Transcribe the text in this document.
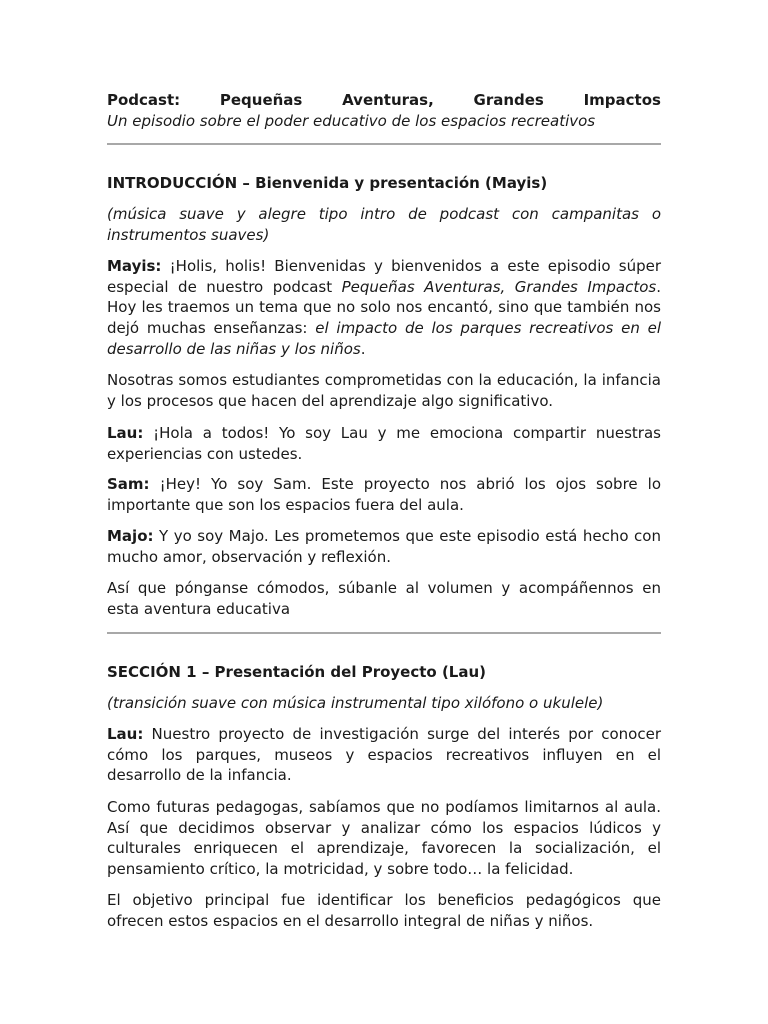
Podcast:	Pequeñas	Aventuras,	Grandes	Impactos

Un episodio sobre el poder educativo de los espacios recreativos

INTRODUCCIÓN – Bienvenida y presentación (Mayis)

(música suave y alegre tipo intro de podcast con campanitas o instrumentos suaves)

Mayis: ¡Holis, holis! Bienvenidas y bienvenidos a este episodio súper especial de nuestro podcast Pequeñas Aventuras, Grandes Impactos. Hoy les traemos un tema que no solo nos encantó, sino que también nos dejó muchas enseñanzas: el impacto de los parques recreativos en el desarrollo de las niñas y los niños.

Nosotras somos estudiantes comprometidas con la educación, la infancia y los procesos que hacen del aprendizaje algo significativo.

Lau: ¡Hola a todos! Yo soy Lau y me emociona compartir nuestras experiencias con ustedes.

Sam: ¡Hey! Yo soy Sam. Este proyecto nos abrió los ojos sobre lo importante que son los espacios fuera del aula.

Majo: Y yo soy Majo. Les prometemos que este episodio está hecho con mucho amor, observación y reflexión.

Así que pónganse cómodos, súbanle al volumen y acompáñennos en esta aventura educativa

SECCIÓN 1 – Presentación del Proyecto (Lau)

(transición suave con música instrumental tipo xilófono o ukulele)

Lau: Nuestro proyecto de investigación surge del interés por conocer cómo los parques, museos y espacios recreativos influyen en el desarrollo de la infancia.

Como futuras pedagogas, sabíamos que no podíamos limitarnos al aula. Así que decidimos observar y analizar cómo los espacios lúdicos y culturales enriquecen el aprendizaje, favorecen la socialización, el pensamiento crítico, la motricidad, y sobre todo… la felicidad.

El objetivo principal fue identificar los beneficios pedagógicos que ofrecen estos espacios en el desarrollo integral de niñas y niños.
